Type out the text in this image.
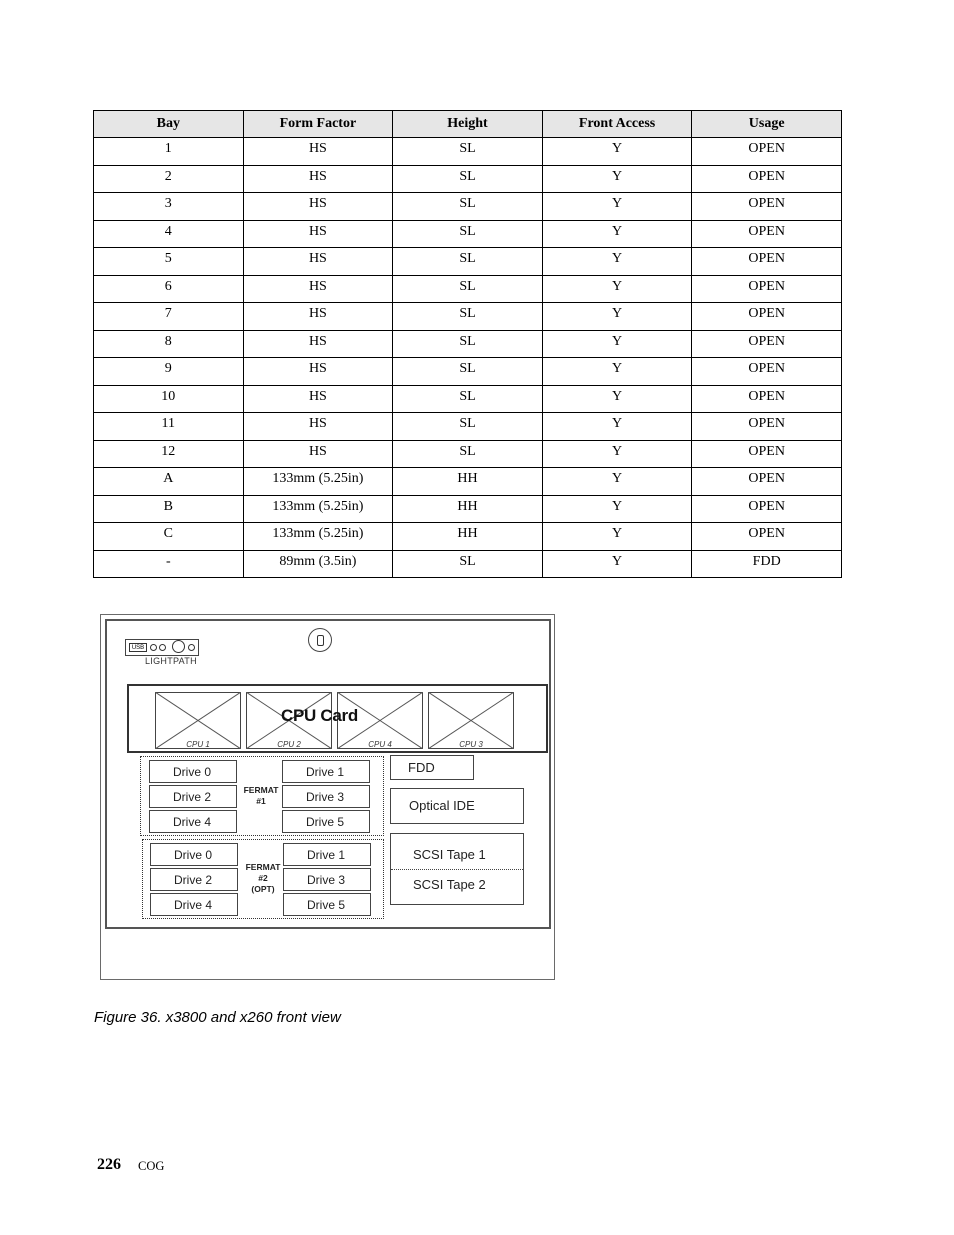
Bay	Form Factor	Height	Front Access	Usage
1	HS	SL	Y	OPEN
2	HS	SL	Y	OPEN
3	HS	SL	Y	OPEN
4	HS	SL	Y	OPEN
5	HS	SL	Y	OPEN
6	HS	SL	Y	OPEN
7	HS	SL	Y	OPEN
8	HS	SL	Y	OPEN
9	HS	SL	Y	OPEN
10	HS	SL	Y	OPEN
11	HS	SL	Y	OPEN
12	HS	SL	Y	OPEN
A	133mm (5.25in)	HH	Y	OPEN
B	133mm (5.25in)	HH	Y	OPEN
C	133mm (5.25in)	HH	Y	OPEN
-	89mm (3.5in)	SL	Y	FDD
USB
LIGHTPATH
CPU 1	CPU 2	CPU 4	CPU 3
CPU Card
Drive 0
Drive 2
Drive 4
Drive 1
Drive 3
Drive 5
FERMAT
#1
Drive 0
Drive 2
Drive 4
Drive 1
Drive 3
Drive 5
FERMAT
#2
(OPT)
FDD
Optical IDE
SCSI Tape 1
SCSI Tape 2
Figure 36. x3800 and x260 front view
226 COG
